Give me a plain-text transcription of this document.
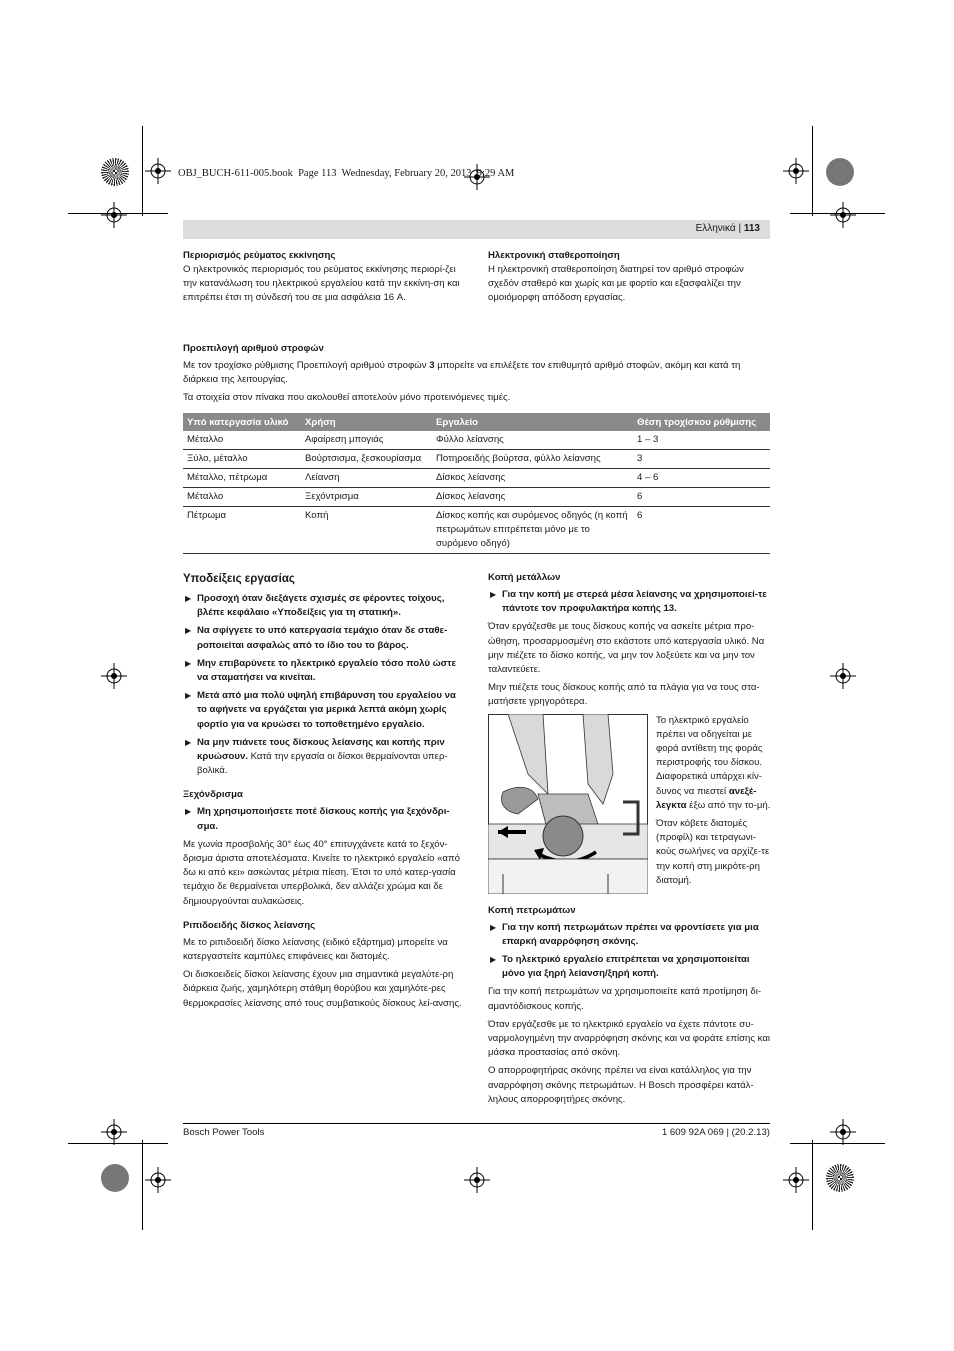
OBJ_BUCH-611-005.book  Page 113  Wednesday, February 20, 2013  9:29 AM
Ελληνικά | 113
Περιορισμός ρεύματος εκκίνησης
Ο ηλεκτρονικός περιορισμός του ρεύματος εκκίνησης περιορί-ζει την κατανάλωση του ηλεκτρικού εργαλείου κατά την εκκίνη-ση και επιτρέπει έτσι τη σύνδεσή του σε μια ασφάλεια 16 A.
Ηλεκτρονική σταθεροποίηση
Η ηλεκτρονική σταθεροποίηση διατηρεί τον αριθμό στροφών σχεδόν σταθερό και χωρίς και με φορτίο και εξασφαλίζει την ομοιόμορφη απόδοση εργασίας.
Προεπιλογή αριθμού στροφών
Με τον τροχίσκο ρύθμισης Προεπιλογή αριθμού στροφών 3 μπορείτε να επιλέξετε τον επιθυμητό αριθμό στοφών, ακόμη και κατά τη διάρκεια της λειτουργίας.
Τα στοιχεία στον πίνακα που ακολουθεί αποτελούν μόνο προτεινόμενες τιμές.
Υπό κατεργασία υλικό	Χρήση	Εργαλείο	Θέση τροχίσκου ρύθμισης
Μέταλλο	Αφαίρεση μπογιάς	Φύλλο λείανσης	1 – 3
Ξύλο, μέταλλο	Βούρτσισμα, ξεσκουρίασμα	Ποτηροειδής βούρτσα, φύλλο λείανσης	3
Μέταλλο, πέτρωμα	Λείανση	Δίσκος λείανσης	4 – 6
Μέταλλο	Ξεχόντρισμα	Δίσκος λείανσης	6
Πέτρωμα	Κοπή	Δίσκος κοπής και συρόμενος οδηγός (η κοπή πετρωμάτων επιτρέπεται μόνο με το συρόμενο οδηγό)	6
Υποδείξεις εργασίας
▶ Προσοχή όταν διεξάγετε σχισμές σε φέροντες τοίχους, βλέπε κεφάλαιο «Υποδείξεις για τη στατική».
▶ Να σφίγγετε το υπό κατεργασία τεμάχιο όταν δε σταθε-ροποιείται ασφαλώς από το ίδιο του το βάρος.
▶ Μην επιβαρύνετε το ηλεκτρικό εργαλείο τόσο πολύ ώστε να σταματήσει να κινείται.
▶ Μετά από μια πολύ υψηλή επιβάρυνση του εργαλείου να το αφήνετε να εργάζεται για μερικά λεπτά ακόμη χωρίς φορτίο για να κρυώσει το τοποθετημένο εργαλείο.
▶ Να μην πιάνετε τους δίσκους λείανσης και κοπής πριν κρυώσουν. Κατά την εργασία οι δίσκοι θερμαίνονται υπερ-βολικά.
Ξεχόνδρισμα
▶ Μη χρησιμοποιήσετε ποτέ δίσκους κοπής για ξεχόνδρι-σμα.
Με γωνία προσβολής 30° έως 40° επιτυγχάνετε κατά το ξεχόν-δρισμα άριστα αποτελέσματα. Κινείτε το ηλεκτρικό εργαλείο «από δω κι από κει» ασκώντας μέτρια πίεση. Έτσι το υπό κατερ-γασία τεμάχιο δε θερμαίνεται υπερβολικά, δεν αλλάζει χρώμα και δε δημιουργούνται αυλακώσεις.
Ριπιδοειδής δίσκος λείανσης
Με το ριπιδοειδή δίσκο λείανσης (ειδικό εξάρτημα) μπορείτε να κατεργαστείτε καμπύλες επιφάνειες και διατομές.
Οι δισκοειδείς δίσκοι λείανσης έχουν μια σημαντικά μεγαλύτε-ρη διάρκεια ζωής, χαμηλότερη στάθμη θορύβου και χαμηλότε-ρες θερμοκρασίες λείανσης από τους συμβατικούς δίσκους λεί-ανσης.
Κοπή μετάλλων
▶ Για την κοπή με στερεά μέσα λείανσης να χρησιμοποιεί-τε πάντοτε τον προφυλακτήρα κοπής 13.
Όταν εργάζεσθε με τους δίσκους κοπής να ασκείτε μέτρια προ-ώθηση, προσαρμοσμένη στο εκάστοτε υπό κατεργασία υλικό. Να μην πιέζετε το δίσκο κοπής, να μην τον λοξεύετε και να μην τον ταλαντεύετε.
Μην πιέζετε τους δίσκους κοπής από τα πλάγια για να τους στα-ματήσετε γρηγορότερα.
Το ηλεκτρικό εργαλείο πρέπει να οδηγείται με φορά αντίθετη της φοράς περιστροφής του δίσκου. Διαφορετικά υπάρχει κίν-δυνος να πιεστεί ανεξέ-λεγκτα έξω από την το-μή.
Όταν κόβετε διατομές (προφίλ) και τετραγωνι-κούς σωλήνες να αρχίζε-τε την κοπή στη μικρότε-ρη διατομή.
Κοπή πετρωμάτων
▶ Για την κοπή πετρωμάτων πρέπει να φροντίσετε για μια επαρκή αναρρόφηση σκόνης.
▶ Το ηλεκτρικό εργαλείο επιτρέπεται να χρησιμοποιείται μόνο για ξηρή λείανση/ξηρή κοπή.
Για την κοπή πετρωμάτων να χρησιμοποιείτε κατά προτίμηση δι-αμαντόδισκους κοπής.
Όταν εργάζεσθε με το ηλεκτρικό εργαλείο να έχετε πάντοτε συ-ναρμολογημένη την αναρρόφηση σκόνης και να φοράτε επίσης και μάσκα προστασίας από σκόνη.
Ο απορροφητήρας σκόνης πρέπει να είναι κατάλληλος για την αναρρόφηση σκόνης πετρωμάτων. Η Bosch προσφέρει κατάλ-ληλους απορροφητήρες σκόνης.
Bosch Power Tools	1 609 92A 069 | (20.2.13)
